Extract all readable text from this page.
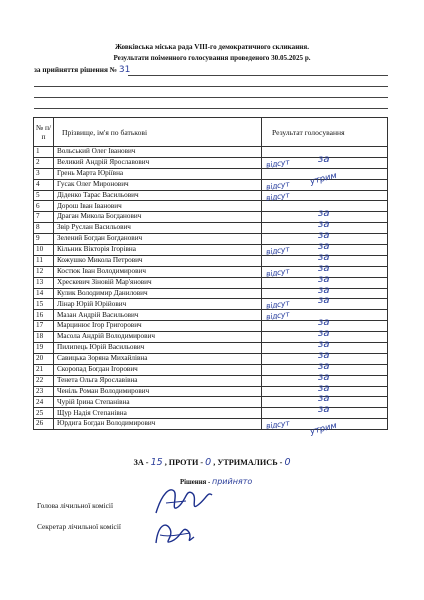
Жовківська міська рада VIII-го демократичного скликання.
Результати поіменного голосування проведеного 30.05.2025 р.
за прийняття рішення № 31
№ п/п	Прізвище, ім'я по батькові	Результат голосування
1	Вольський Олег Іванович	
2	Великий Андрій Ярославович	відсут за

3	Грень Марта Юріївна	утрим

4	Гусак Олег Миронович	відсут

5	Діденко Тарас Васильович	відсут

6	Дорош Іван Іванович	
7	Драган Микола Богданович	за

8	Звір Руслан Васильович	за

9	Зелений Богдан Богданович	за

10	Кільник Вікторія Ігорівна	відсут за

11	Кожушко Микола Петрович	за

12	Костюк Іван Володимирович	відсут за

13	Хрескевич Зіновій Мар'янович	за

14	Кулик Володимир Данилович	за

15	Лінар Юрій Юрійович	відсут за

16	Мазан Андрій Васильович	відсут

17	Марцинює Ігор Григорович	за

18	Масола Андрій Володимирович	за

19	Пилипець Юрій Васильович	за

20	Савицька Зоряна Михайлівна	за

21	Скоропад Богдан Ігорович	за

22	Тенета Ольга Ярославівна	за

23	Ченіль Роман Володимирович	за

24	Чурій Ірина Степанівна	за

25	Щур Надія Степанівна	за

26	Юрдига Богдан Володимирович	відсут утрим
ЗА - 15 , ПРОТИ - 0 , УТРИМАЛИСЬ - 0
Рішення - прийнято
Голова лічильної комісії
Секретар лічильної комісії
